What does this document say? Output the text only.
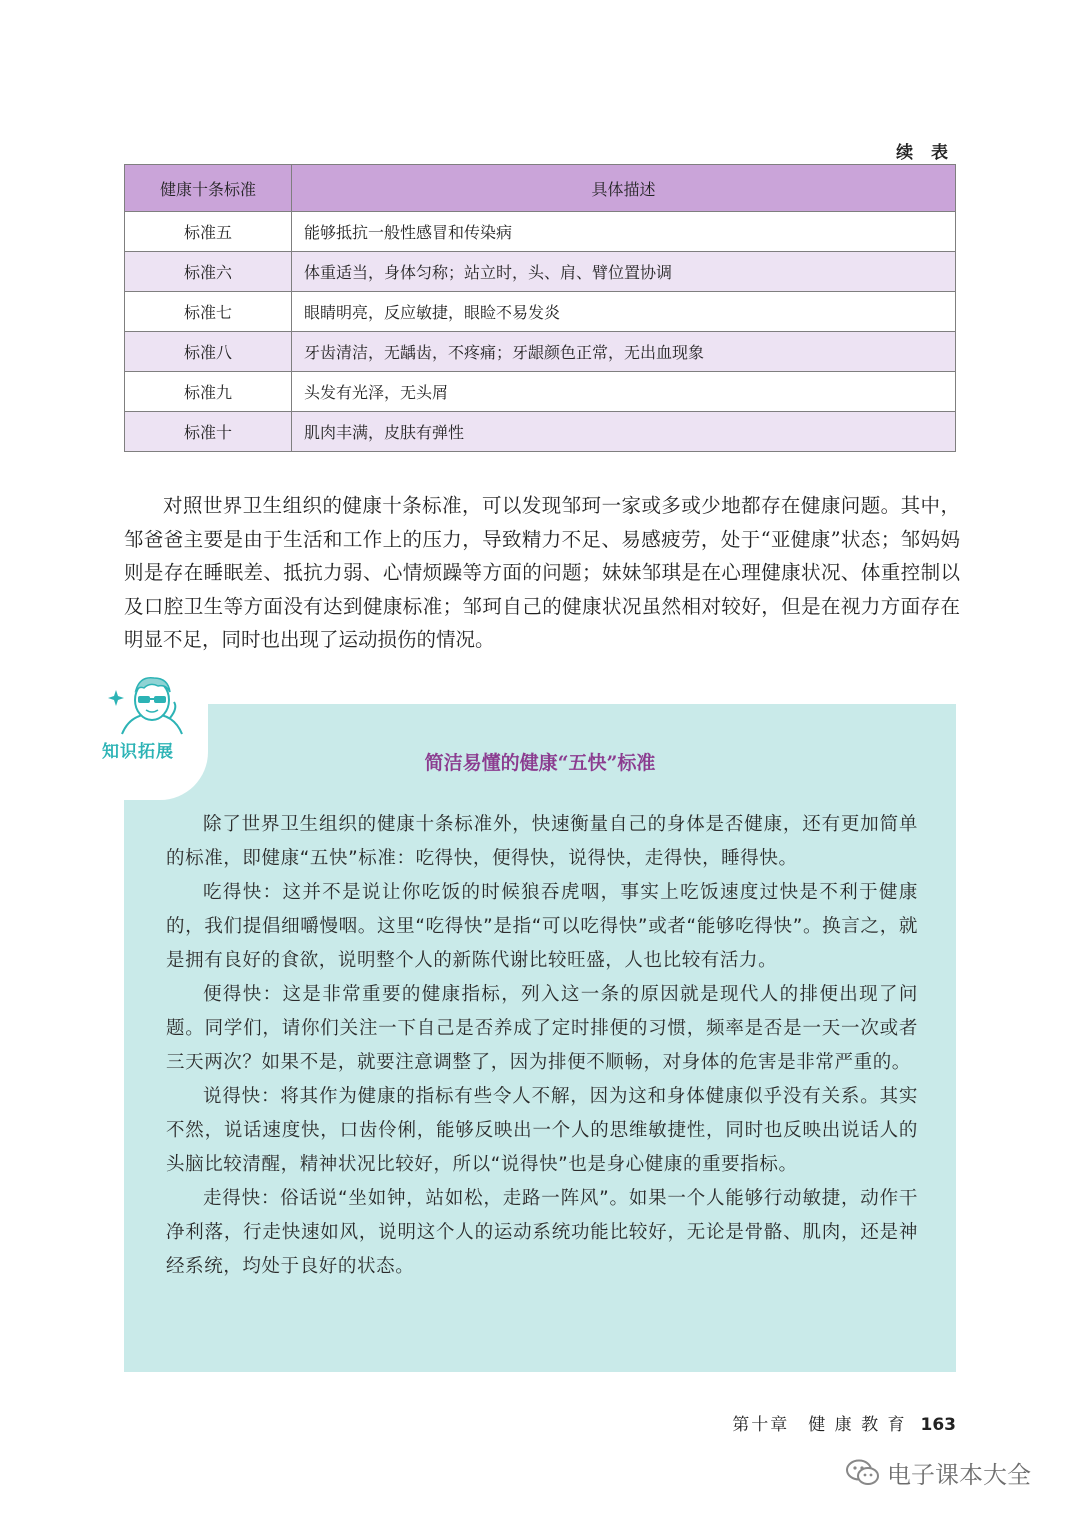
续 表
健康十条标准	具体描述
标准五	能够抵抗一般性感冒和传染病
标准六	体重适当，身体匀称；站立时，头、肩、臂位置协调
标准七	眼睛明亮，反应敏捷，眼睑不易发炎
标准八	牙齿清洁，无龋齿，不疼痛；牙龈颜色正常，无出血现象
标准九	头发有光泽，无头屑
标准十	肌肉丰满，皮肤有弹性

对照世界卫生组织的健康十条标准，可以发现邹珂一家或多或少地都存在健康问题。其中，邹爸爸主要是由于生活和工作上的压力，导致精力不足、易感疲劳，处于“亚健康”状态；邹妈妈则是存在睡眠差、抵抗力弱、心情烦躁等方面的问题；妹妹邹琪是在心理健康状况、体重控制以及口腔卫生等方面没有达到健康标准；邹珂自己的健康状况虽然相对较好，但是在视力方面存在明显不足，同时也出现了运动损伤的情况。

知识拓展	简洁易懂的健康“五快”标准

除了世界卫生组织的健康十条标准外，快速衡量自己的身体是否健康，还有更加简单的标准，即健康“五快”标准：吃得快，便得快，说得快，走得快，睡得快。

吃得快：这并不是说让你吃饭的时候狼吞虎咽，事实上吃饭速度过快是不利于健康的，我们提倡细嚼慢咽。这里“吃得快”是指“可以吃得快”或者“能够吃得快”。换言之，就是拥有良好的食欲，说明整个人的新陈代谢比较旺盛，人也比较有活力。

便得快：这是非常重要的健康指标，列入这一条的原因就是现代人的排便出现了问题。同学们，请你们关注一下自己是否养成了定时排便的习惯，频率是否是一天一次或者三天两次？如果不是，就要注意调整了，因为排便不顺畅，对身体的危害是非常严重的。

说得快：将其作为健康的指标有些令人不解，因为这和身体健康似乎没有关系。其实不然，说话速度快，口齿伶俐，能够反映出一个人的思维敏捷性，同时也反映出说话人的头脑比较清醒，精神状况比较好，所以“说得快”也是身心健康的重要指标。

走得快：俗话说“坐如钟，站如松，走路一阵风”。如果一个人能够行动敏捷，动作干净利落，行走快速如风，说明这个人的运动系统功能比较好，无论是骨骼、肌肉，还是神经系统，均处于良好的状态。

第十章　健 康 教 育 163
电子课本大全
